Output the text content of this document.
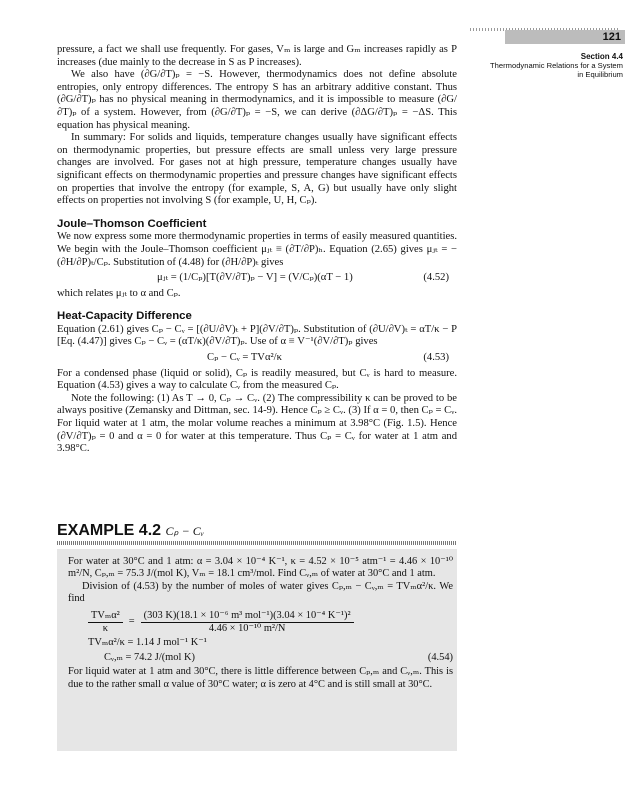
121
Section 4.4
Thermodynamic Relations for a System in Equilibrium

pressure, a fact we shall use frequently. For gases, Vₘ is large and Gₘ increases rapidly as P increases (due mainly to the decrease in S as P increases).

We also have (∂G/∂T)ₚ = −S. However, thermodynamics does not define absolute entropies, only entropy differences. The entropy S has an arbitrary additive constant. Thus (∂G/∂T)ₚ has no physical meaning in thermodynamics, and it is impossible to measure (∂G/∂T)ₚ of a system. However, from (∂G/∂T)ₚ = −S, we can derive (∂ΔG/∂T)ₚ = −ΔS. This equation has physical meaning.

In summary: For solids and liquids, temperature changes usually have significant effects on thermodynamic properties, but pressure effects are small unless very large pressure changes are involved. For gases not at high pressure, temperature changes usually have significant effects on thermodynamic properties and pressure changes have significant effects on properties that involve the entropy (for example, S, A, G) but usually have only slight effects on properties not involving S (for example, U, H, Cₚ).

Joule–Thomson Coefficient

We now express some more thermodynamic properties in terms of easily measured quantities. We begin with the Joule–Thomson coefficient μⱼₜ ≡ (∂T/∂P)ₕ. Equation (2.65) gives μⱼₜ = −(∂H/∂P)ₜ/Cₚ. Substitution of (4.48) for (∂H/∂P)ₜ gives

μⱼₜ = (1/Cₚ)[T(∂V/∂T)ₚ − V] = (V/Cₚ)(αT − 1)	(4.52)

which relates μⱼₜ to α and Cₚ.

Heat-Capacity Difference

Equation (2.61) gives Cₚ − Cᵥ = [(∂U/∂V)ₜ + P](∂V/∂T)ₚ. Substitution of (∂U/∂V)ₜ = αT/κ − P [Eq. (4.47)] gives Cₚ − Cᵥ = (αT/κ)(∂V/∂T)ₚ. Use of α ≡ V⁻¹(∂V/∂T)ₚ gives

Cₚ − Cᵥ = TVα²/κ	(4.53)

For a condensed phase (liquid or solid), Cₚ is readily measured, but Cᵥ is hard to measure. Equation (4.53) gives a way to calculate Cᵥ from the measured Cₚ.

Note the following: (1) As T → 0, Cₚ → Cᵥ. (2) The compressibility κ can be proved to be always positive (Zemansky and Dittman, sec. 14-9). Hence Cₚ ≥ Cᵥ. (3) If α = 0, then Cₚ = Cᵥ. For liquid water at 1 atm, the molar volume reaches a minimum at 3.98°C (Fig. 1.5). Hence (∂V/∂T)ₚ = 0 and α = 0 for water at this temperature. Thus Cₚ = Cᵥ for water at 1 atm and 3.98°C.

EXAMPLE 4.2 Cₚ − Cᵥ

For water at 30°C and 1 atm: α = 3.04 × 10⁻⁴ K⁻¹, κ = 4.52 × 10⁻⁵ atm⁻¹ = 4.46 × 10⁻¹⁰ m²/N, Cₚ,ₘ = 75.3 J/(mol K), Vₘ = 18.1 cm³/mol. Find Cᵥ,ₘ of water at 30°C and 1 atm.

Division of (4.53) by the number of moles of water gives Cₚ,ₘ − Cᵥ,ₘ = TVₘα²/κ. We find

$\frac{\text{TVₘα²}}{\kappa} = \frac{\text{(303 K)(18.1 × 10⁻⁶ m³ mol⁻¹)(3.04 × 10⁻⁴ K⁻¹)²}}{\text{4.46 × 10⁻¹⁰ m²/N}}$
TVₘα²/κ = 1.14 J mol⁻¹ K⁻¹
Cᵥ,ₘ = 74.2 J/(mol K)	(4.54)

For liquid water at 1 atm and 30°C, there is little difference between Cₚ,ₘ and Cᵥ,ₘ. This is due to the rather small α value of 30°C water; α is zero at 4°C and is still small at 30°C.
